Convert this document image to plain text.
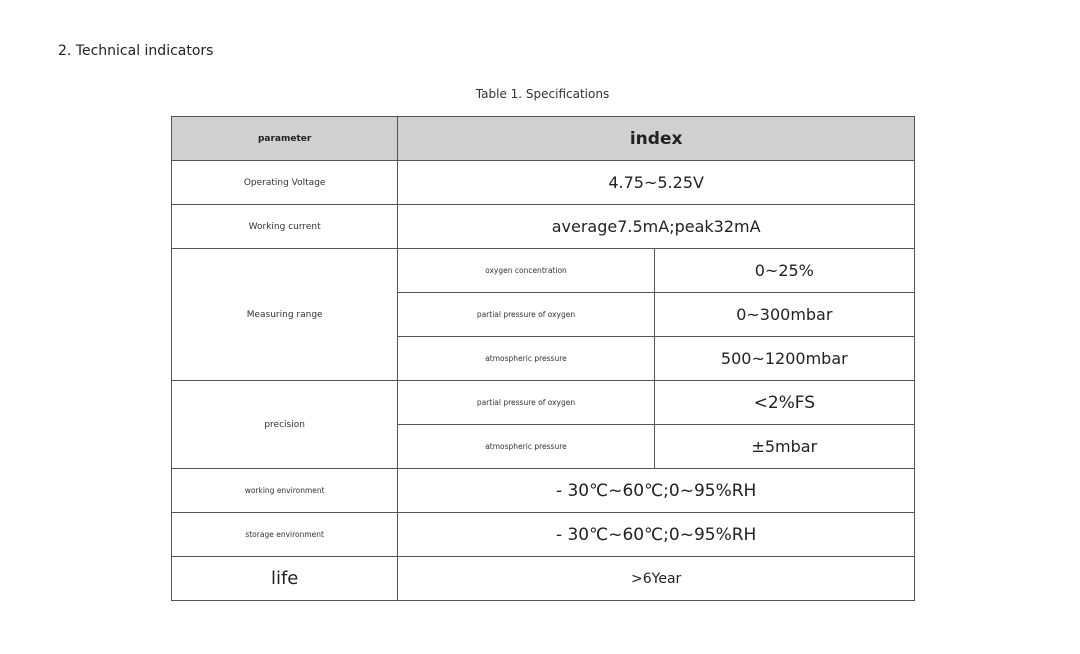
2. Technical indicators
Table 1. Specifications
parameter	index	
Operating Voltage	4.75~5.25V	
Working current	average7.5mA;peak32mA	
Measuring range	oxygen concentration	0~25%
	partial pressure of oxygen	0~300mbar
	atmospheric pressure	500~1200mbar
precision	partial pressure of oxygen	<2%FS
	atmospheric pressure	±5mbar
working environment	- 30℃~60℃;0~95%RH	
storage environment	- 30℃~60℃;0~95%RH	
life	>6Year	
